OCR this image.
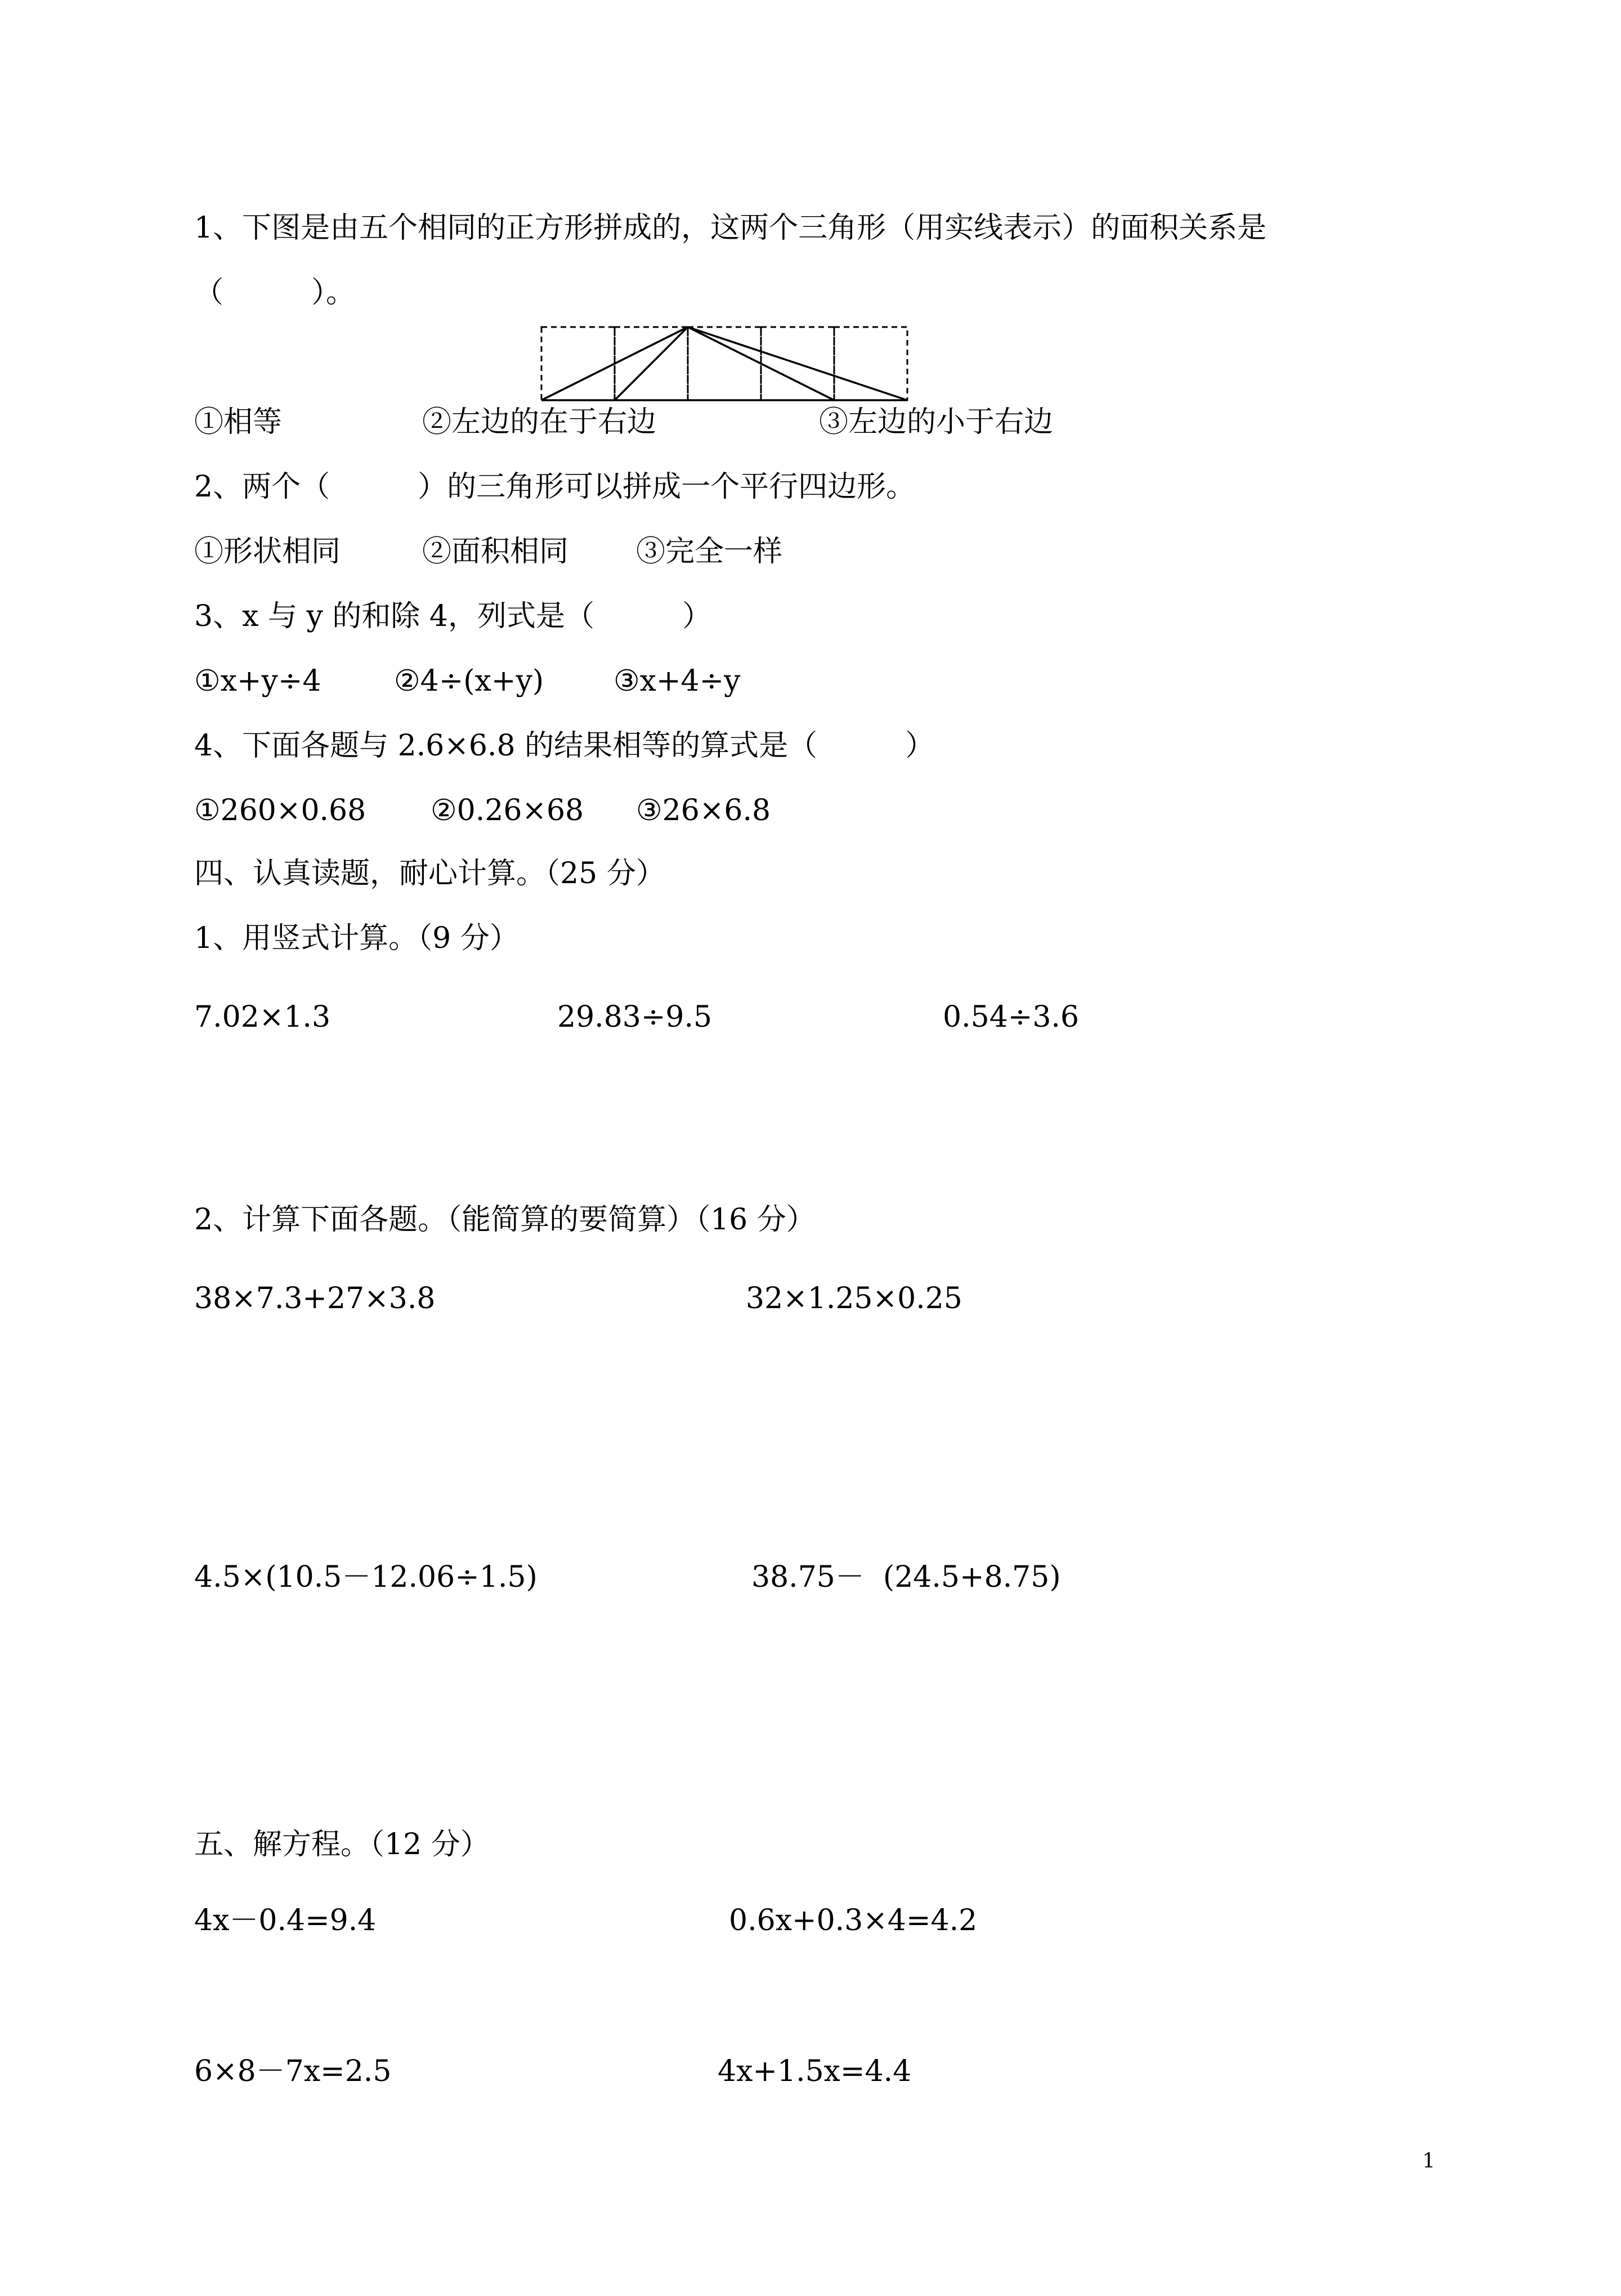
1、下图是由五个相同的正方形拼成的，这两个三角形（用实线表示）的面积关系是

（　　　）。

①相等	②左边的在于右边	③左边的小于右边

2、两个（　　　）的三角形可以拼成一个平行四边形。

①形状相同	②面积相同 ③完全一样

3、x 与 y 的和除 4，列式是（　　　）

①x+y÷4 ②4÷(x+y) ③x+4÷y

4、下面各题与 2.6×6.8 的结果相等的算式是（　　　）

①260×0.68 ②0.26×68 ③26×6.8

四、认真读题，耐心计算。（25 分）

1、用竖式计算。（9 分）

7.02×1.3	29.83÷9.5	0.54÷3.6

2、计算下面各题。（能简算的要简算）（16 分）

38×7.3+27×3.8	32×1.25×0.25

4.5×(10.5－12.06÷1.5)	38.75－  (24.5+8.75)

五、解方程。（12 分）

4x－0.4=9.4	0.6x+0.3×4=4.2

6×8－7x=2.5	4x+1.5x=4.4

1
